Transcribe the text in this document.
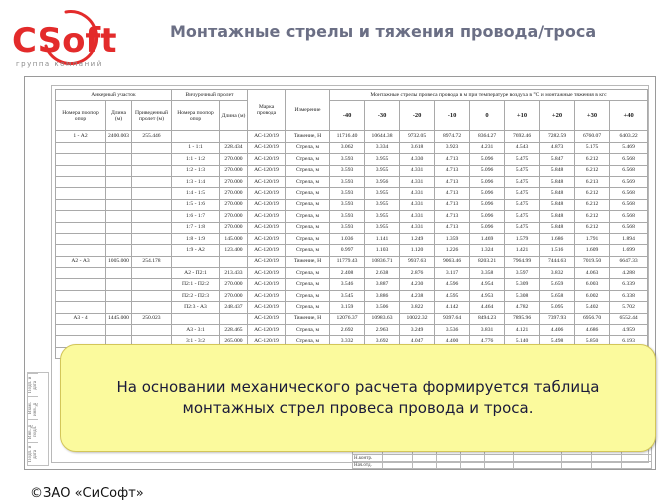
CSoft
группа компаний
Монтажные стрелы и тяжения провода/троса
Подп. и дата
Взам. инв. №
Инв. № подл.
Подп. и дата
Анкерный участок			Вичурочный пролет		Марка провода	Измерение	Монтажные стрелы провеса провода в м при температуре воздуха в °С и монтажные тяжения в кгс								
Номера поопор опор	Длина (м)	Приведенный пролет (м)	Номера поопор опор	Длина (м)			-40	-30	-20	-10	0	+10	+20	+30	+40
1 - А2	2400.003	255.446			АС-120/19	Тяжение, Н	11716.40	10644.38	9732.05	8974.72	8364.27	7692.46	7282.59	6760.07	6403.22
			1 - 1:1	228.434	АС-120/19	Стрела, м	3.062	3.334	3.618	3.923	4.231	4.543	4.873	5.175	5.469
			1:1 - 1:2	270.000	АС-120/19	Стрела, м	3.593	3.955	4.330	4.713	5.096	5.475	5.847	6.212	6.568
			1:2 - 1:3	270.000	АС-120/19	Стрела, м	3.593	3.955	4.331	4.713	5.096	5.475	5.848	6.212	6.568
			1:3 - 1:4	270.000	АС-120/19	Стрела, м	3.593	3.956	4.331	4.713	5.096	5.475	5.848	6.213	6.569
			1:4 - 1:5	270.000	АС-120/19	Стрела, м	3.593	3.955	4.331	4.713	5.096	5.475	5.848	6.212	6.568
			1:5 - 1:6	270.000	АС-120/19	Стрела, м	3.593	3.955	4.331	4.713	5.096	5.475	5.848	6.212	6.568
			1:6 - 1:7	270.000	АС-120/19	Стрела, м	3.593	3.955	4.331	4.713	5.096	5.475	5.848	6.212	6.568
			1:7 - 1:8	270.000	АС-120/19	Стрела, м	3.593	3.955	4.331	4.713	5.096	5.475	5.848	6.212	6.568
			1:8 - 1:9	145.000	АС-120/19	Стрела, м	1.036	1.141	1.249	1.359	1.469	1.579	1.686	1.791	1.894
			1:9 - А2	123.400	АС-120/19	Стрела, м	0.997	1.103	1.120	1.226	1.324	1.421	1.516	1.609	1.699
А2 - А3	1005.000	254.178			АС-120/19	Тяжение, Н	11779.43	10836.71	9937.63	9063.46	8203.21	7964.99	7444.63	7019.50	6647.33
			А2 - П2:1	213.433	АС-120/19	Стрела, м	2.408	2.638	2.876	3.117	3.358	3.597	3.832	4.063	4.288
			П2:1 - П2:2	270.000	АС-120/19	Стрела, м	3.546	3.887	4.230	4.596	4.954	5.309	5.659	6.003	6.339
			П2:2 - П2:3	270.000	АС-120/19	Стрела, м	3.545	3.886	4.238	4.595	4.953	5.308	5.658	6.002	6.338
			П2:3 - А3	248.437	АС-120/19	Стрела, м	3.159	3.506	3.822	4.142	4.464	4.782	5.095	5.402	5.702
А3 - 4	1445.000	250.023			АС-120/19	Тяжение, Н	12076.37	10983.63	10022.32	9397.64	8494.23	7895.96	7397.93	6956.70	6552.44
			А3 - 3:1	228.465	АС-120/19	Стрела, м	2.692	2.963	3.249	3.536	3.831	4.121	4.406	4.686	4.959
			3:1 - 3:2	265.000	АС-120/19	Стрела, м	3.332	3.692	4.047	4.400	4.776	5.140	5.498	5.850	6.193

Н.контр.									
Нач.отд.									
На основании механического расчета формируется таблица монтажных стрел провеса провода и троса.
©ЗАО «СиСофт»
